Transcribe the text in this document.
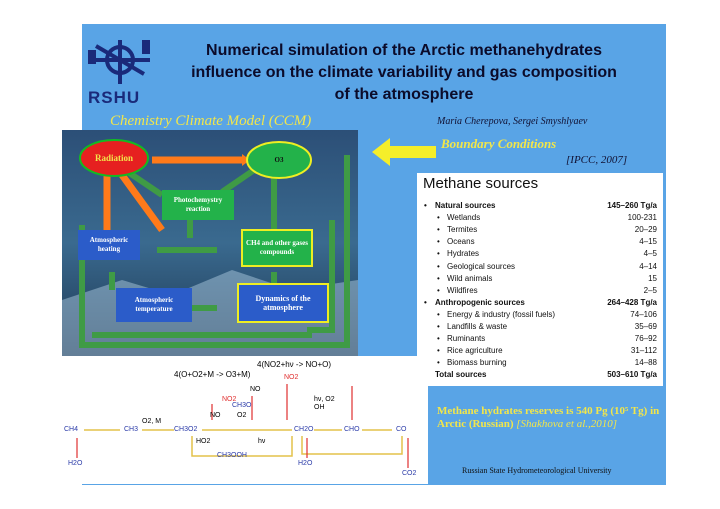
RSHU
Numerical simulation of the Arctic methanehydrates
influence on the climate variability and gas composition
of the atmosphere
Chemistry Climate Model (CCM)	Maria Cherepova, Sergei Smyshlyaev
Radiation	O3
Photochemystry reaction
Atmospheric heating
CH4 and other gases compounds
Atmospheric temperature
Dynamics of the atmosphere
Boundary Conditions
[IPCC, 2007]
Methane sources
• Natural sources	145–260 Tg/a
• Wetlands	100-231
• Termites	20–29
• Oceans	4–15
• Hydrates	4–5
• Geological sources	4–14
• Wild animals	15
• Wildfires	2–5
• Anthropogenic sources	264–428 Tg/a
• Energy & industry (fossil fuels)	74–106
• Landfills & waste	35–69
• Ruminants	76–92
• Rice agriculture	31–112
• Biomass burning	14–88
Total sources	503–610 Tg/a
4(NO2+hν -> NO+O)
4(O+O2+M -> O3+M)	NO2
NO2
NO
NO O2
OH
hν, O2
O2, M
HO2	hν
CH4	CH3	CH3O2
CH3O
CH3OOH
CH2O	CHO	CO
H2O	H2O
CO2
Methane hydrates reserves is 540 Pg (10⁵ Tg) in Arctic (Russian) [Shakhova et al.,2010]
Russian State Hydrometeorological University
